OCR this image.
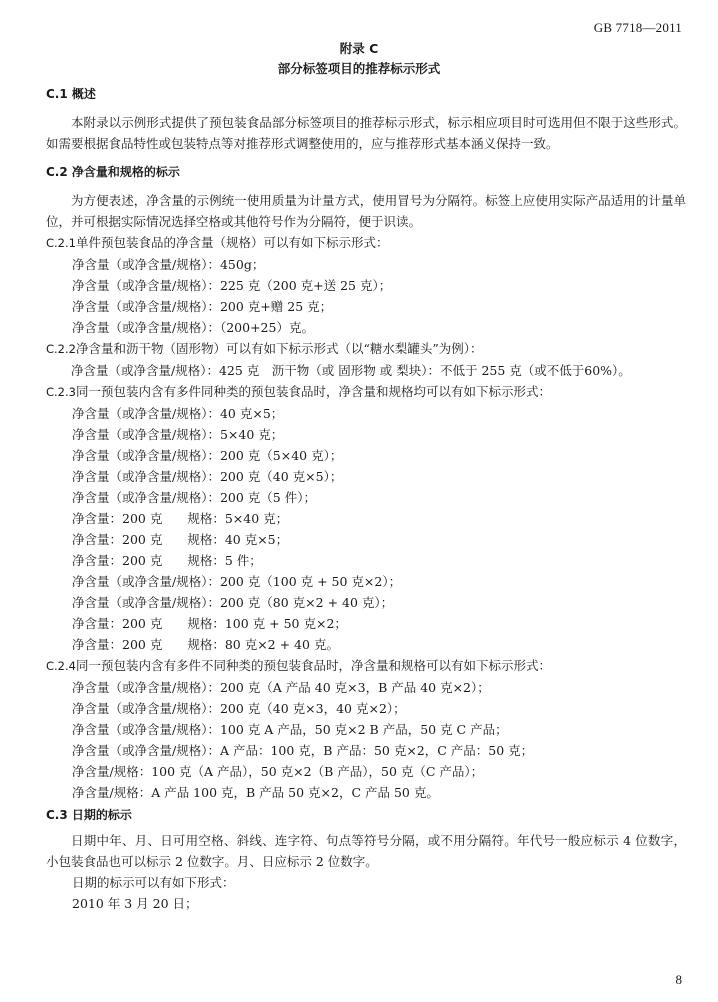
GB 7718—2011
附录 C
部分标签项目的推荐标示形式
C.1 概述

本附录以示例形式提供了预包装食品部分标签项目的推荐标示形式，标示相应项目时可选用但不限于这些形式。如需要根据食品特性或包装特点等对推荐形式调整使用的，应与推荐形式基本涵义保持一致。

C.2 净含量和规格的标示

为方便表述，净含量的示例统一使用质量为计量方式，使用冒号为分隔符。标签上应使用实际产品适用的计量单位，并可根据实际情况选择空格或其他符号作为分隔符，便于识读。

C.2.1单件预包装食品的净含量（规格）可以有如下标示形式：

净含量（或净含量/规格）：450g；

净含量（或净含量/规格）：225 克（200 克+送 25 克）；

净含量（或净含量/规格）：200 克+赠 25 克；

净含量（或净含量/规格）：（200+25）克。

C.2.2净含量和沥干物（固形物）可以有如下标示形式（以“糖水梨罐头”为例）：

净含量（或净含量/规格）：425 克　沥干物（或 固形物 或 梨块）：不低于 255 克（或不低于60%）。

C.2.3同一预包装内含有多件同种类的预包装食品时，净含量和规格均可以有如下标示形式：

净含量（或净含量/规格）：40 克×5；

净含量（或净含量/规格）：5×40 克；

净含量（或净含量/规格）：200 克（5×40 克）；

净含量（或净含量/规格）：200 克（40 克×5）；

净含量（或净含量/规格）：200 克（5 件）；

净含量：200 克　　规格：5×40 克；

净含量：200 克　　规格：40 克×5；

净含量：200 克　　规格：5 件；

净含量（或净含量/规格）：200 克（100 克 + 50 克×2）；

净含量（或净含量/规格）：200 克（80 克×2 + 40 克）；

净含量：200 克　　规格：100 克 + 50 克×2；

净含量：200 克　　规格：80 克×2 + 40 克。

C.2.4同一预包装内含有多件不同种类的预包装食品时，净含量和规格可以有如下标示形式：

净含量（或净含量/规格）：200 克（A 产品 40 克×3，B 产品 40 克×2）；

净含量（或净含量/规格）：200 克（40 克×3，40 克×2）；

净含量（或净含量/规格）：100 克 A 产品，50 克×2 B 产品，50 克 C 产品；

净含量（或净含量/规格）：A 产品：100 克，B 产品：50 克×2，C 产品：50 克；

净含量/规格：100 克（A 产品），50 克×2（B 产品），50 克（C 产品）；

净含量/规格：A 产品 100 克，B 产品 50 克×2，C 产品 50 克。

C.3 日期的标示

日期中年、月、日可用空格、斜线、连字符、句点等符号分隔，或不用分隔符。年代号一般应标示 4 位数字，小包装食品也可以标示 2 位数字。月、日应标示 2 位数字。

日期的标示可以有如下形式：

2010 年 3 月 20 日；

8
